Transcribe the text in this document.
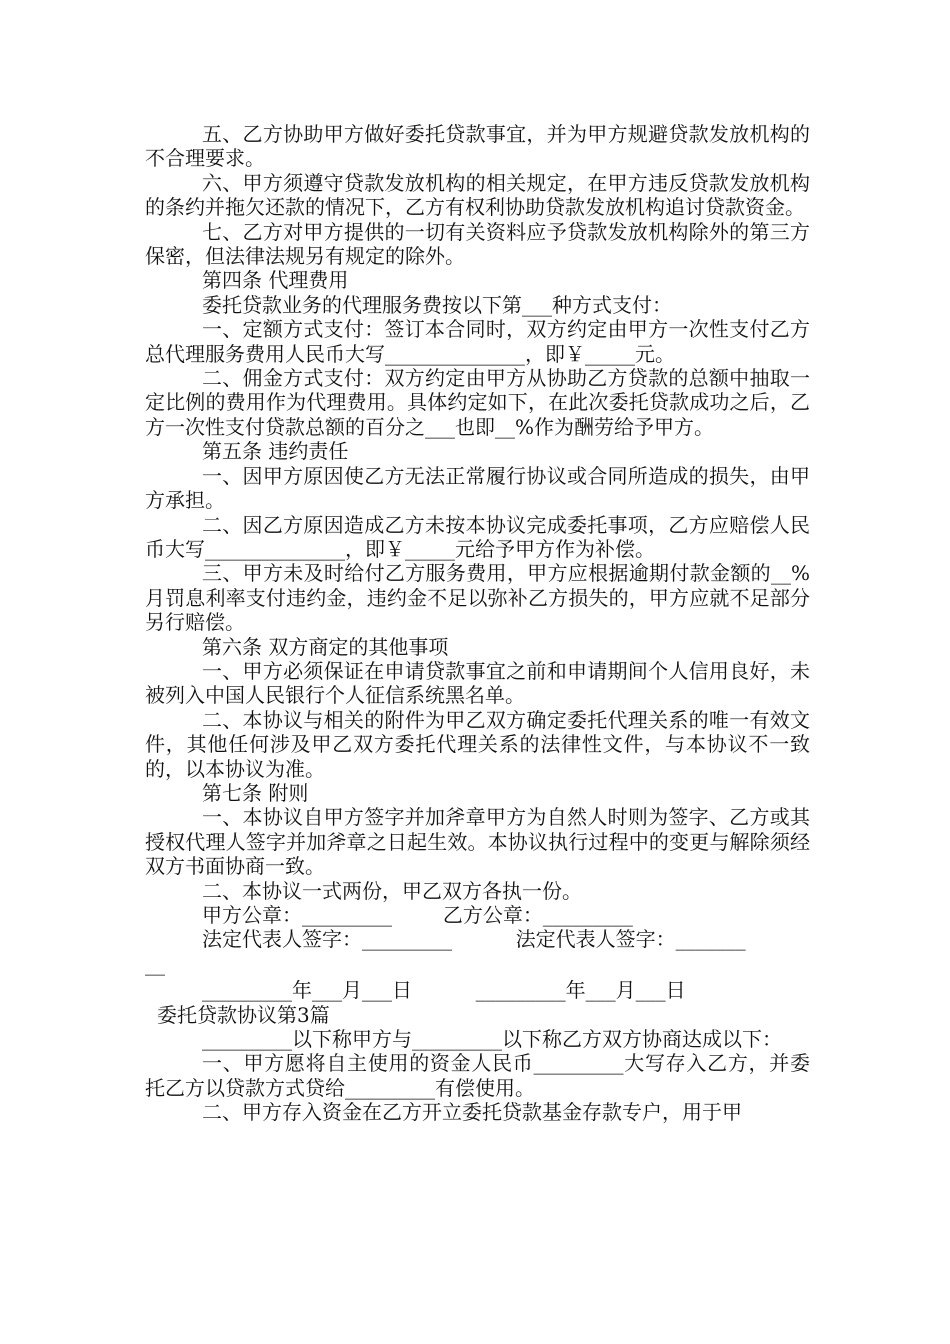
五、乙方协助甲方做好委托贷款事宜，并为甲方规避贷款发放机构的不合理要求。

六、甲方须遵守贷款发放机构的相关规定，在甲方违反贷款发放机构的条约并拖欠还款的情况下，乙方有权利协助贷款发放机构追讨贷款资金。

七、乙方对甲方提供的一切有关资料应予贷款发放机构除外的第三方保密，但法律法规另有规定的除外。

第四条 代理费用

委托贷款业务的代理服务费按以下第___种方式支付：

一、定额方式支付：签订本合同时，双方约定由甲方一次性支付乙方总代理服务费用人民币大写______________，即￥_____元。

二、佣金方式支付：双方约定由甲方从协助乙方贷款的总额中抽取一定比例的费用作为代理费用。具体约定如下，在此次委托贷款成功之后，乙方一次性支付贷款总额的百分之___也即__%作为酬劳给予甲方。

第五条 违约责任

一、因甲方原因使乙方无法正常履行协议或合同所造成的损失，由甲方承担。

二、因乙方原因造成乙方未按本协议完成委托事项，乙方应赔偿人民币大写______________，即￥_____元给予甲方作为补偿。

三、甲方未及时给付乙方服务费用，甲方应根据逾期付款金额的__%月罚息利率支付违约金，违约金不足以弥补乙方损失的，甲方应就不足部分另行赔偿。

第六条 双方商定的其他事项

一、甲方必须保证在申请贷款事宜之前和申请期间个人信用良好，未被列入中国人民银行个人征信系统黑名单。

二、本协议与相关的附件为甲乙双方确定委托代理关系的唯一有效文件，其他任何涉及甲乙双方委托代理关系的法律性文件，与本协议不一致的，以本协议为准。

第七条 附则

一、本协议自甲方签字并加斧章甲方为自然人时则为签字、乙方或其授权代理人签字并加斧章之日起生效。本协议执行过程中的变更与解除须经双方书面协商一致。

二、本协议一式两份，甲乙双方各执一份。

甲方公章：_________        乙方公章：_________

法定代表人签字：_________          法定代表人签字：_______

__

_________年___月___日          _________年___月___日

委托贷款协议第3篇

_________以下称甲方与_________以下称乙方双方协商达成以下：

一、甲方愿将自主使用的资金人民币_________大写存入乙方，并委托乙方以贷款方式贷给_________有偿使用。

二、甲方存入资金在乙方开立委托贷款基金存款专户，用于甲
